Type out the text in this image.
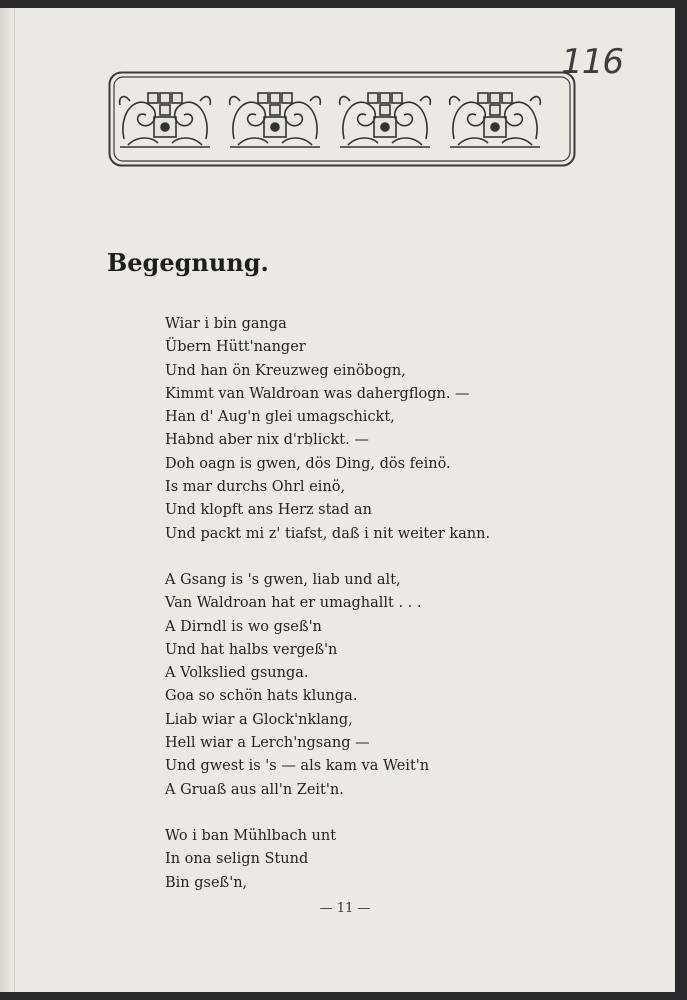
116
Begegnung.
Wiar i bin ganga
Übern Hütt'nanger
Und han ön Kreuzweg einöbogn,
Kimmt van Waldroan was dahergflogn. —
Han d' Aug'n glei umagschickt,
Habnd aber nix d'rblickt. —
Doh oagn is gwen, dös Ding, dös feinö.
Is mar durchs Ohrl einö,
Und klopft ans Herz stad an
Und packt mi z' tiafst, daß i nit weiter kann.
A Gsang is 's gwen, liab und alt,
Van Waldroan hat er umaghallt . . .
A Dirndl is wo gseß'n
Und hat halbs vergeß'n
A Volkslied gsunga.
Goa so schön hats klunga.
Liab wiar a Glock'nklang,
Hell wiar a Lerch'ngsang —
Und gwest is 's — als kam va Weit'n
A Gruaß aus all'n Zeit'n.
Wo i ban Mühlbach unt
In ona selign Stund
Bin gseß'n,
— 11 —
